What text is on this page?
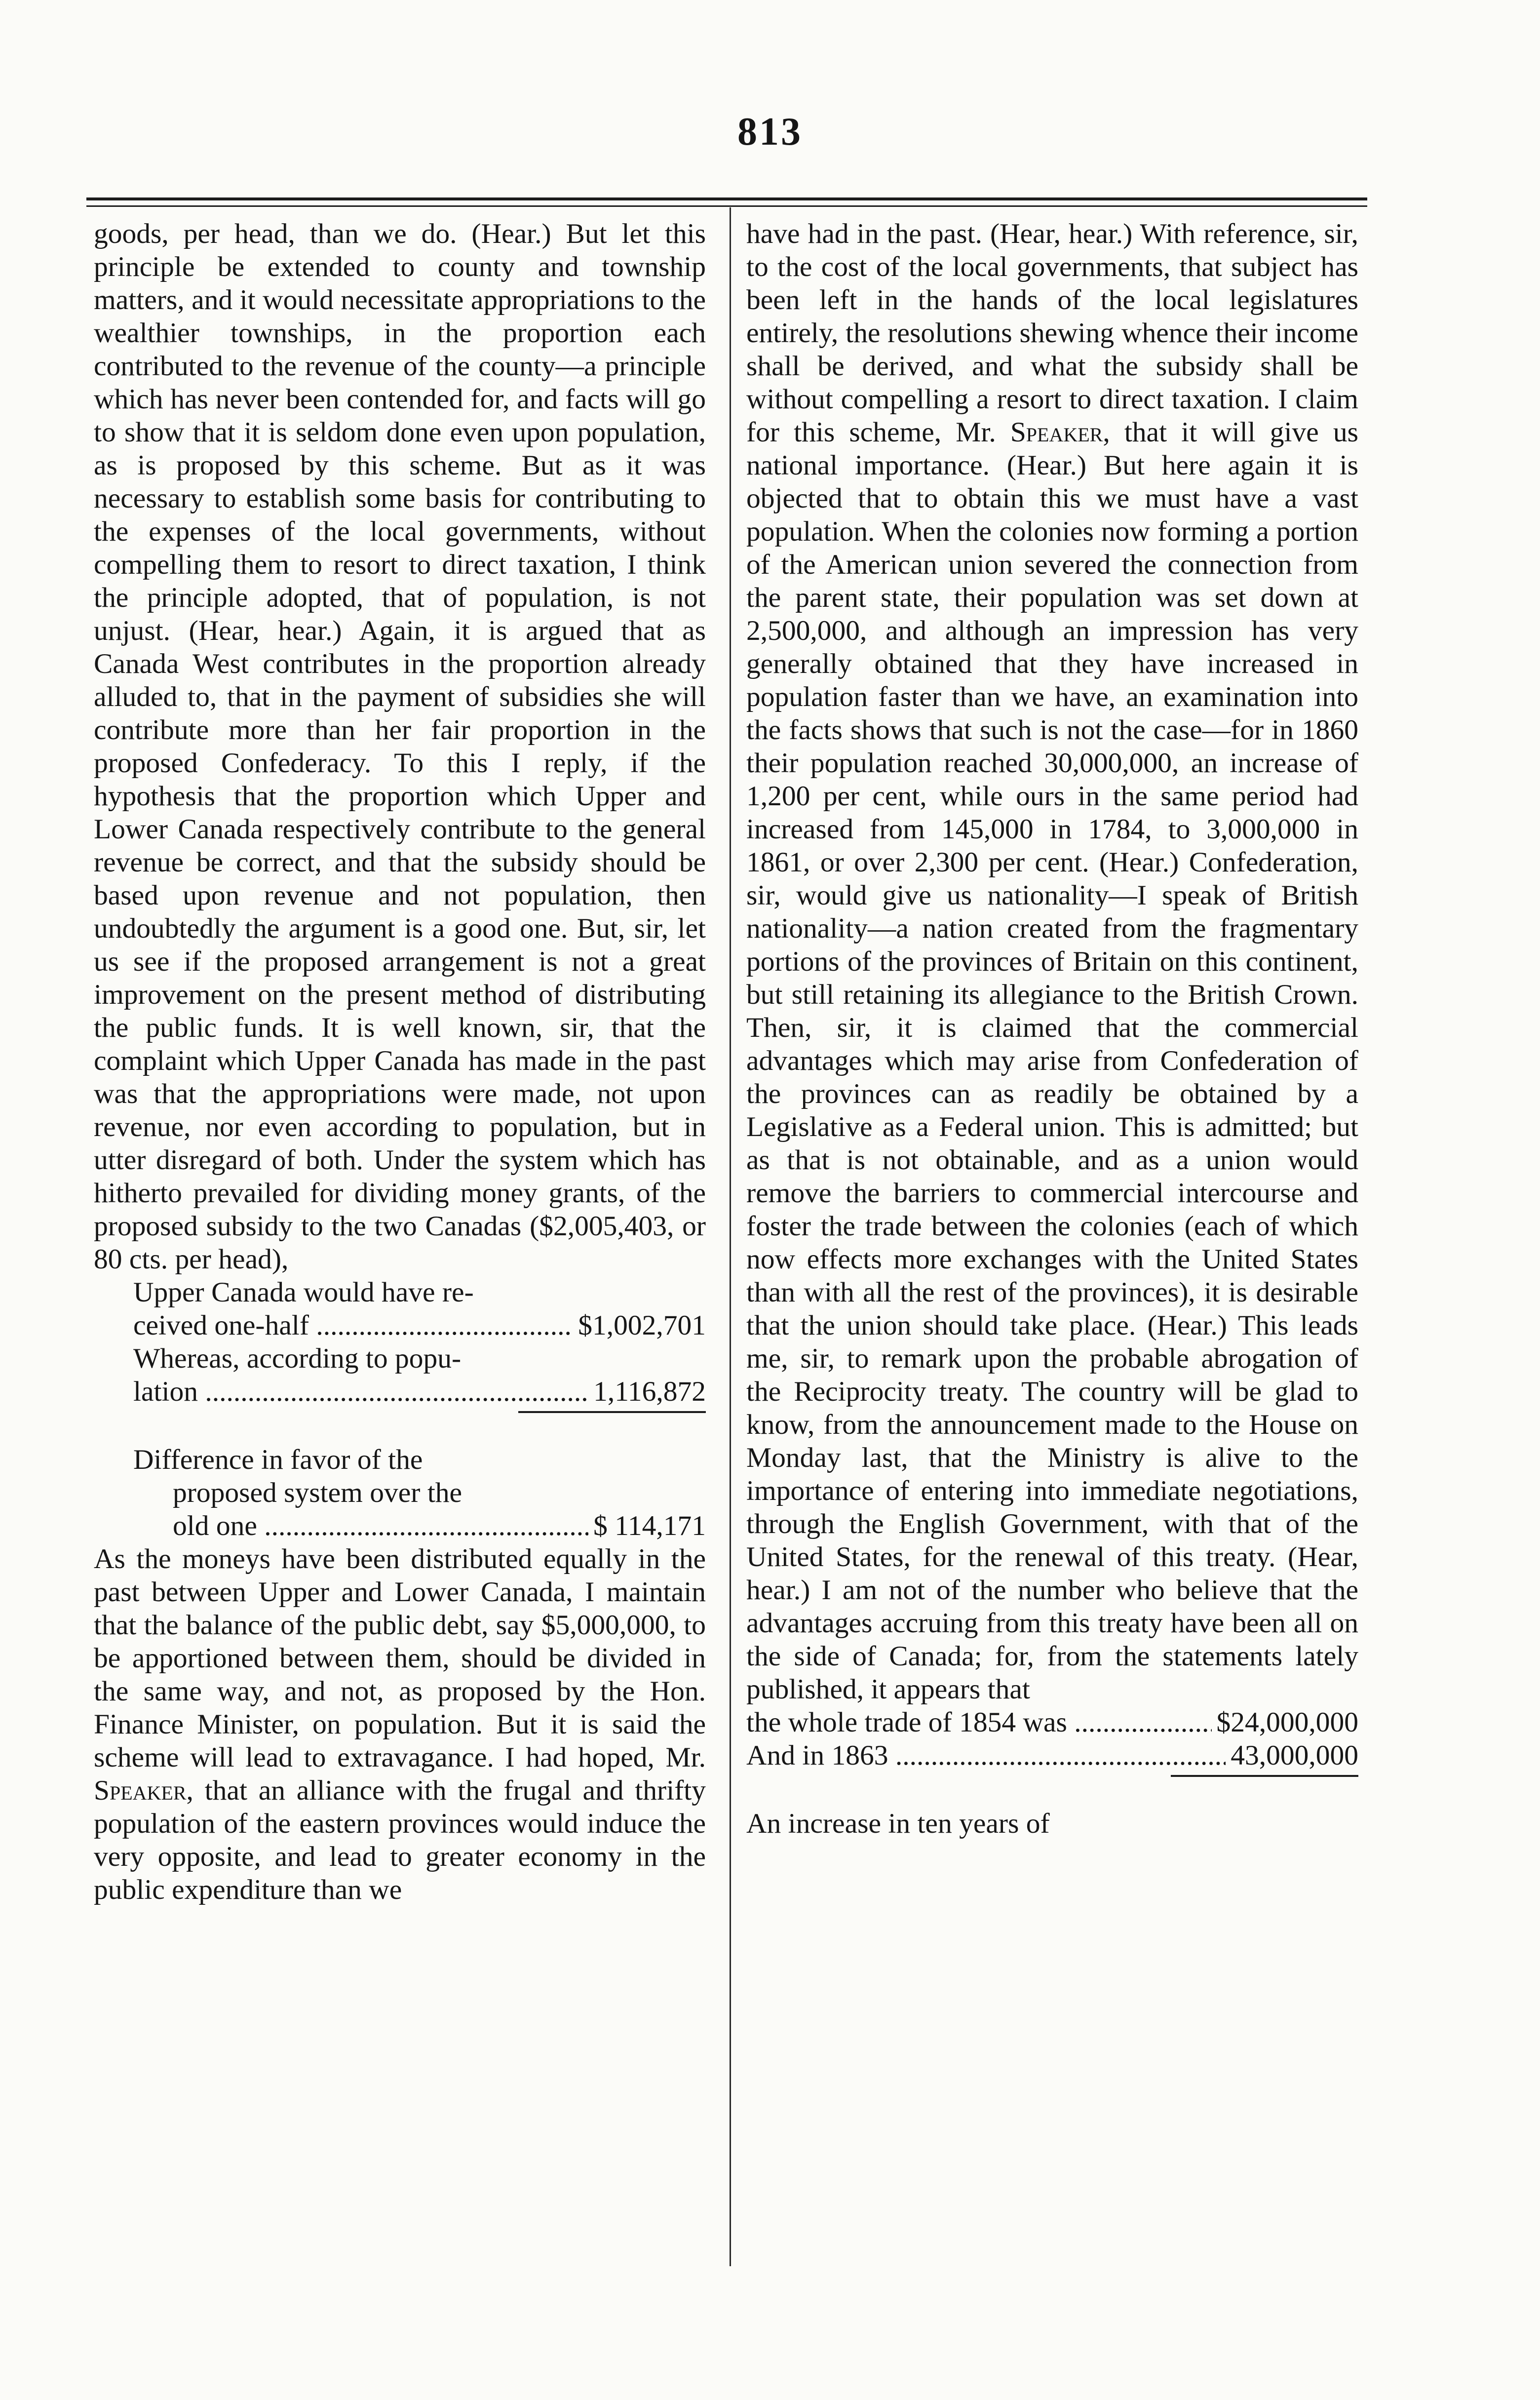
813

goods, per head, than we do. (Hear.) But let this principle be extended to county and township matters, and it would necessitate appropriations to the wealthier townships, in the proportion each contributed to the revenue of the county—a principle which has never been contended for, and facts will go to show that it is seldom done even upon population, as is proposed by this scheme. But as it was necessary to establish some basis for contributing to the expenses of the local governments, without compelling them to resort to direct taxation, I think the principle adopted, that of population, is not unjust. (Hear, hear.) Again, it is argued that as Canada West contributes in the proportion already alluded to, that in the payment of subsidies she will contribute more than her fair proportion in the proposed Confederacy. To this I reply, if the hypothesis that the proportion which Upper and Lower Canada respectively contribute to the general revenue be correct, and that the subsidy should be based upon revenue and not population, then undoubtedly the argument is a good one. But, sir, let us see if the proposed arrangement is not a great improvement on the present method of distributing the public funds. It is well known, sir, that the complaint which Upper Canada has made in the past was that the appropriations were made, not upon revenue, nor even according to population, but in utter disregard of both. Under the system which has hitherto prevailed for dividing money grants, of the proposed subsidy to the two Canadas ($2,005,403, or 80 cts. per head),

Upper Canada would have re-
ceived one-half .....	$1,002,701
Whereas, according to popu-
lation .....	1,116,872
Difference in favor of the
proposed system over the
old one .....	$ 114,171

As the moneys have been distributed equally in the past between Upper and Lower Canada, I maintain that the balance of the public debt, say $5,000,000, to be apportioned between them, should be divided in the same way, and not, as proposed by the Hon. Finance Minister, on population. But it is said the scheme will lead to extravagance. I had hoped, Mr. Speaker, that an alliance with the frugal and thrifty population of the eastern provinces would induce the very opposite, and lead to greater economy in the public expenditure than we

have had in the past. (Hear, hear.) With reference, sir, to the cost of the local governments, that subject has been left in the hands of the local legislatures entirely, the resolutions shewing whence their income shall be derived, and what the subsidy shall be without compelling a resort to direct taxation. I claim for this scheme, Mr. Speaker, that it will give us national importance. (Hear.) But here again it is objected that to obtain this we must have a vast population. When the colonies now forming a portion of the American union severed the connection from the parent state, their population was set down at 2,500,000, and although an impression has very generally obtained that they have increased in population faster than we have, an examination into the facts shows that such is not the case—for in 1860 their population reached 30,000,000, an increase of 1,200 per cent, while ours in the same period had increased from 145,000 in 1784, to 3,000,000 in 1861, or over 2,300 per cent. (Hear.) Confederation, sir, would give us nationality—I speak of British nationality—a nation created from the fragmentary portions of the provinces of Britain on this continent, but still retaining its allegiance to the British Crown. Then, sir, it is claimed that the commercial advantages which may arise from Confederation of the provinces can as readily be obtained by a Legislative as a Federal union. This is admitted; but as that is not obtainable, and as a union would remove the barriers to commercial intercourse and foster the trade between the colonies (each of which now effects more exchanges with the United States than with all the rest of the provinces), it is desirable that the union should take place. (Hear.) This leads me, sir, to remark upon the probable abrogation of the Reciprocity treaty. The country will be glad to know, from the announcement made to the House on Monday last, that the Ministry is alive to the importance of entering into immediate negotiations, through the English Government, with that of the United States, for the renewal of this treaty. (Hear, hear.) I am not of the number who believe that the advantages accruing from this treaty have been all on the side of Canada; for, from the statements lately published, it appears that

the whole trade of 1854 was .....	$24,000,000
And in 1863 .....	43,000,000

An increase in ten years of
